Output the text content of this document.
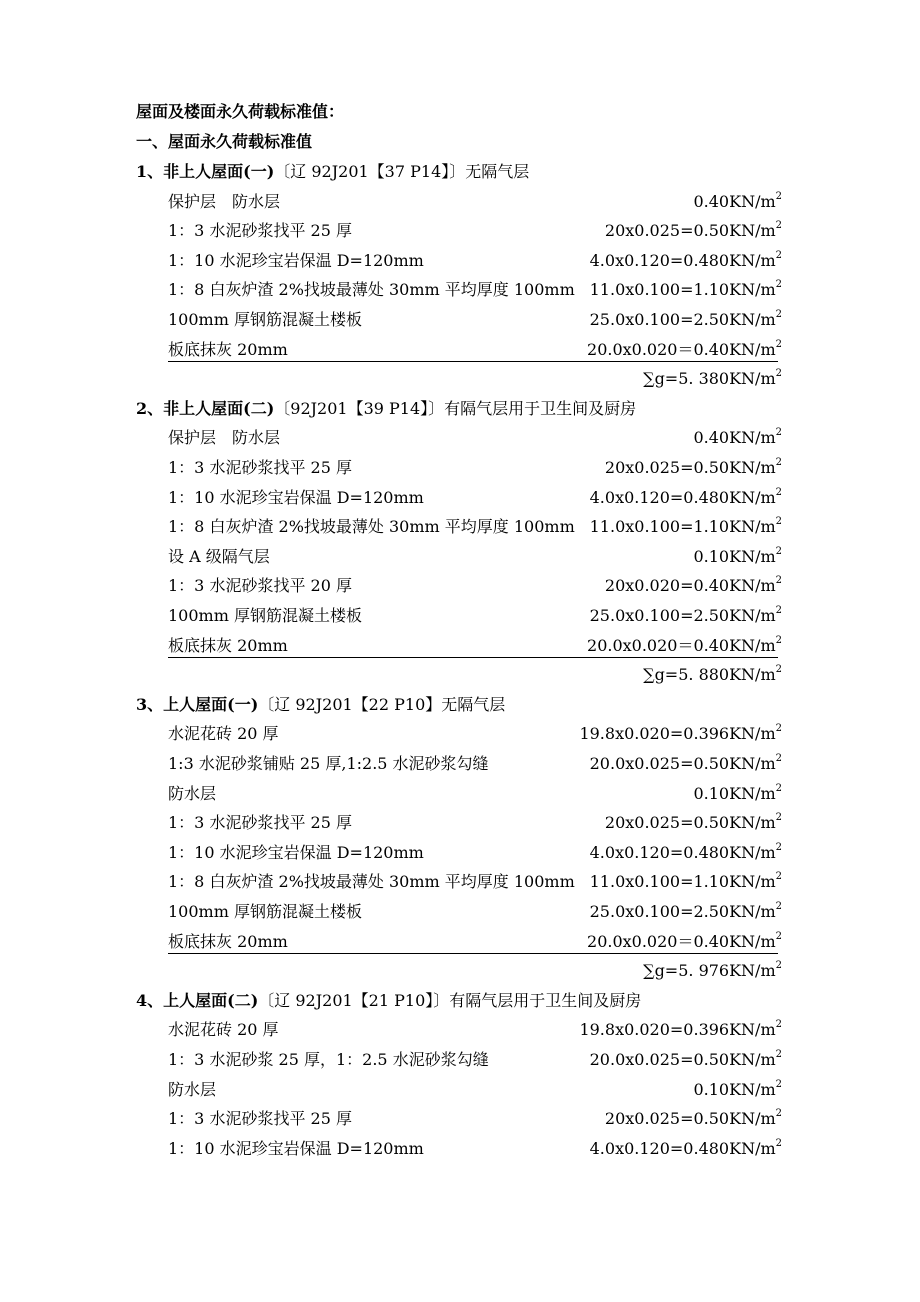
屋面及楼面永久荷载标准值：
一、屋面永久荷载标准值
1、非上人屋面(一)〔辽 92J201【37 P14】〕无隔气层
保护层　防水层	$0.40KN/m^2$
1：3 水泥砂浆找平 25 厚	$20x0.025=0.50KN/m^2$
1：10 水泥珍宝岩保温 D=120mm	$4.0x0.120=0.480KN/m^2$
1：8 白灰炉渣 2%找坡最薄处 30mm 平均厚度 100mm $11.0x0.100=1.10KN/m^2$
100mm 厚钢筋混凝土楼板	$25.0x0.100=2.50KN/m^2$
板底抹灰 20mm	$20.0x0.020=0.40KN/m^2$
∑g=5. $380KN/m^2$
2、非上人屋面(二)〔92J201【39 P14】〕有隔气层用于卫生间及厨房
保护层　防水层	$0.40KN/m^2$
1：3 水泥砂浆找平 25 厚	$20x0.025=0.50KN/m^2$
1：10 水泥珍宝岩保温 D=120mm	$4.0x0.120=0.480KN/m^2$
1：8 白灰炉渣 2%找坡最薄处 30mm 平均厚度 100mm $11.0x0.100=1.10KN/m^2$
设 A 级隔气层	$0.10KN/m^2$
1：3 水泥砂浆找平 20 厚	$20x0.020=0.40KN/m^2$
100mm 厚钢筋混凝土楼板	$25.0x0.100=2.50KN/m^2$
板底抹灰 20mm	$20.0x0.020=0.40KN/m^2$
∑g=5. $880KN/m^2$
3、上人屋面(一)〔辽 92J201【22 P10】无隔气层
水泥花砖 20 厚	$19.8x0.020=0.396KN/m^2$
1:3 水泥砂浆铺贴 25 厚,1:2.5 水泥砂浆勾缝	$20.0x0.025=0.50KN/m^2$
防水层	$0.10KN/m^2$
1：3 水泥砂浆找平 25 厚	$20x0.025=0.50KN/m^2$
1：10 水泥珍宝岩保温 D=120mm	$4.0x0.120=0.480KN/m^2$
1：8 白灰炉渣 2%找坡最薄处 30mm 平均厚度 100mm $11.0x0.100=1.10KN/m^2$
100mm 厚钢筋混凝土楼板	$25.0x0.100=2.50KN/m^2$
板底抹灰 20mm	$20.0x0.020=0.40KN/m^2$
∑g=5. $976KN/m^2$
4、上人屋面(二)〔辽 92J201【21 P10】〕有隔气层用于卫生间及厨房
水泥花砖 20 厚	$19.8x0.020=0.396KN/m^2$
1：3 水泥砂浆 25 厚，1：2.5 水泥砂浆勾缝	$20.0x0.025=0.50KN/m^2$
防水层	$0.10KN/m^2$
1：3 水泥砂浆找平 25 厚	$20x0.025=0.50KN/m^2$
1：10 水泥珍宝岩保温 D=120mm	$4.0x0.120=0.480KN/m^2$
